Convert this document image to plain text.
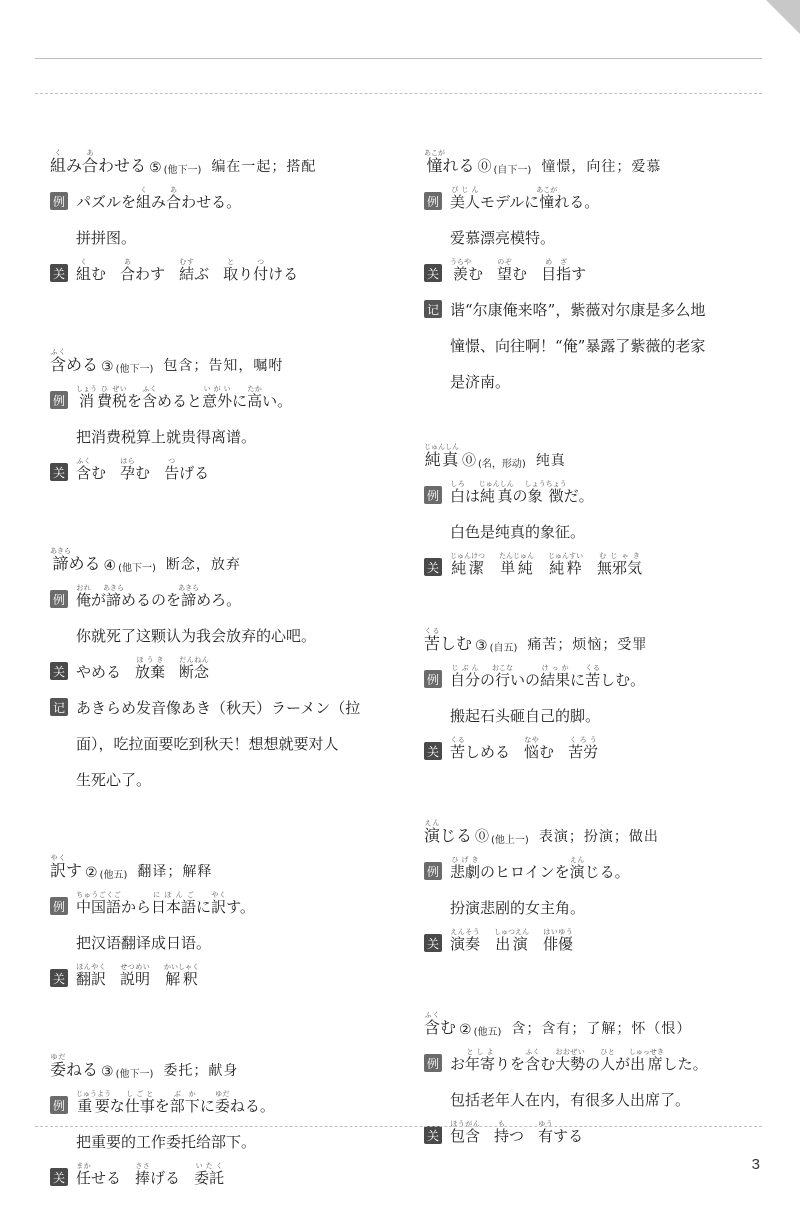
組くみ合あわせる ⑤ (他下一) 编在一起；搭配
例 パズルを組くみ合あわせる。
拼拼图。
关 組くむ 合あわす 結むすぶ 取とり付つける
含ふくめる ③ (他下一) 包含；告知，嘱咐
例 消しょう費ひ税ぜいを含ふくめると意外いがいに高たかい。
把消费税算上就贵得离谱。
关 含ふくむ 孕はらむ 告つげる
諦あきらめる ④ (他下一) 断念，放弃
例 俺おれが諦あきらめるのを諦あきらめろ。
你就死了这颗认为我会放弃的心吧。
关 やめる 放棄ほうき
断念だんねん
记 あきらめ发音像あき（秋天）ラーメン（拉
面），吃拉面要吃到秋天！想想就要对人
生死心了。
訳やくす ② (他五) 翻译；解释
例 中国語ちゅうごくごから日本語にほんごに訳やくす。
把汉语翻译成日语。
关 翻訳ほんやく
説明せつめい
解釈かいしゃく
委ゆだねる ③ (他下一) 委托；献身
例 重要じゅうような仕事しごとを部下ぶかに委ゆだねる。
把重要的工作委托给部下。
关 任まかせる 捧ささげる 委託いたく
憧あこがれる ⓪ (自下一) 憧憬，向往；爱慕
例 美人びじんモデルに憧あこがれる。
爱慕漂亮模特。
关 羨うらやむ 望のぞむ 目指めざす
记 谐“尔康俺来咯”，紫薇对尔康是多么地
憧憬、向往啊！“俺”暴露了紫薇的老家
是济南。
純真じゅんしん
⓪ (名，形动) 纯真
例 白しろは純真じゅんしんの象徴しょうちょうだ。
白色是纯真的象征。
关 純潔じゅんけつ
単純たんじゅん
純粋じゅんすい
無邪気むじゃき
苦くるしむ ③ (自五) 痛苦；烦恼；受罪
例 自分じぶんの行おこないの結果けっかに苦くるしむ。
搬起石头砸自己的脚。
关 苦くるしめる 悩なやむ 苦労くろう
演えんじる ⓪ (他上一) 表演；扮演；做出
例 悲劇ひげきのヒロインを演えんじる。
扮演悲剧的女主角。
关 演奏えんそう
出演しゅつえん
俳優はいゆう
含ふくむ ② (他五) 含；含有；了解；怀（恨）
例 お年寄としよりを含ふくむ大勢おおぜいの人ひとが出席しゅっせきした。
包括老年人在内，有很多人出席了。
关 包含ほうがん
持もつ 有ゆうする
3
